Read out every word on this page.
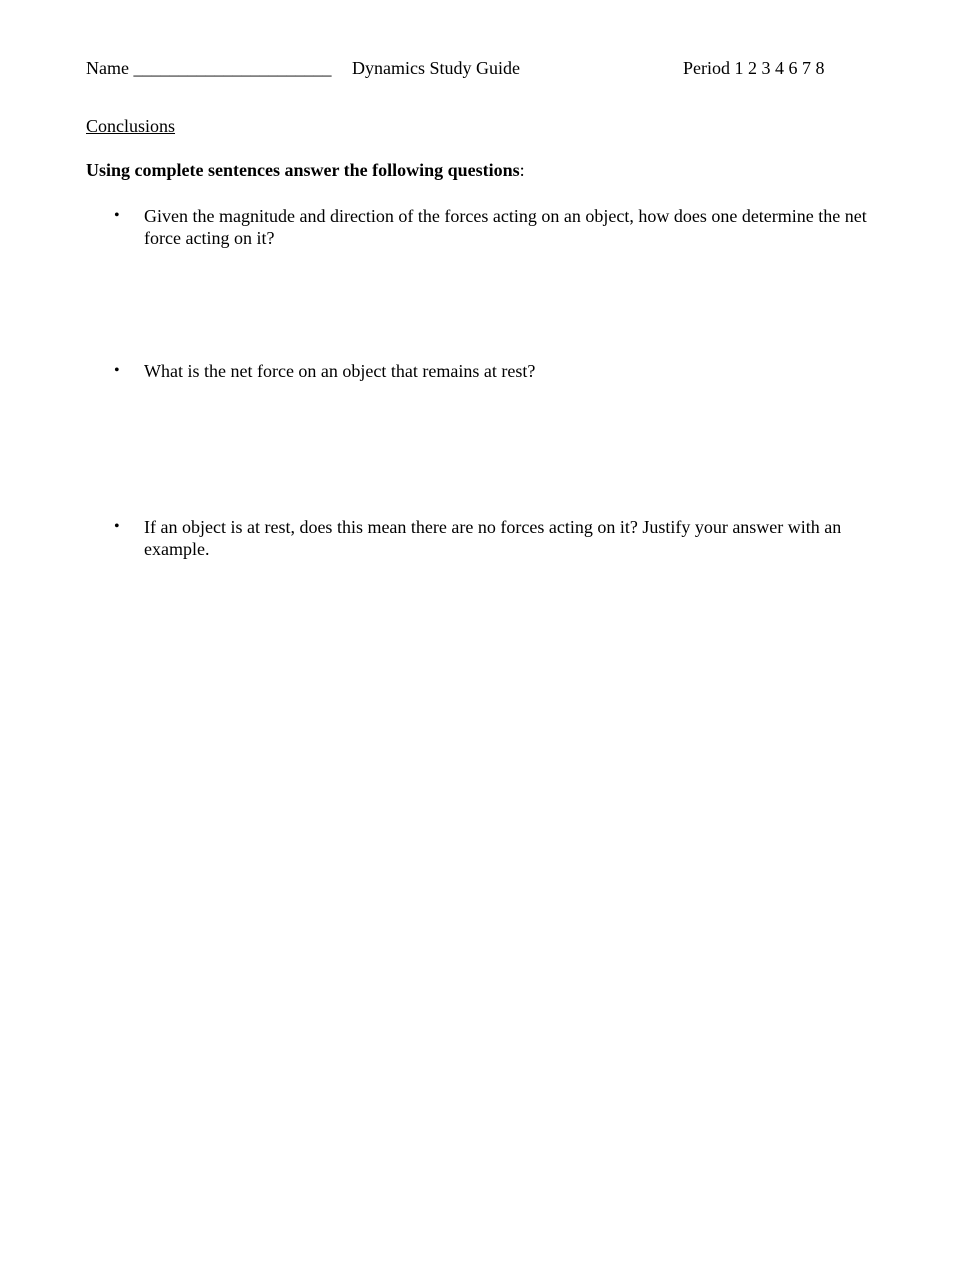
Name ______________________ Dynamics Study Guide	Period 1 2 3 4 6 7 8
Conclusions
Using complete sentences answer the following questions:
• Given the magnitude and direction of the forces acting on an object, how does one determine the net force acting on it?
• What is the net force on an object that remains at rest?
• If an object is at rest, does this mean there are no forces acting on it? Justify your answer with an example.
